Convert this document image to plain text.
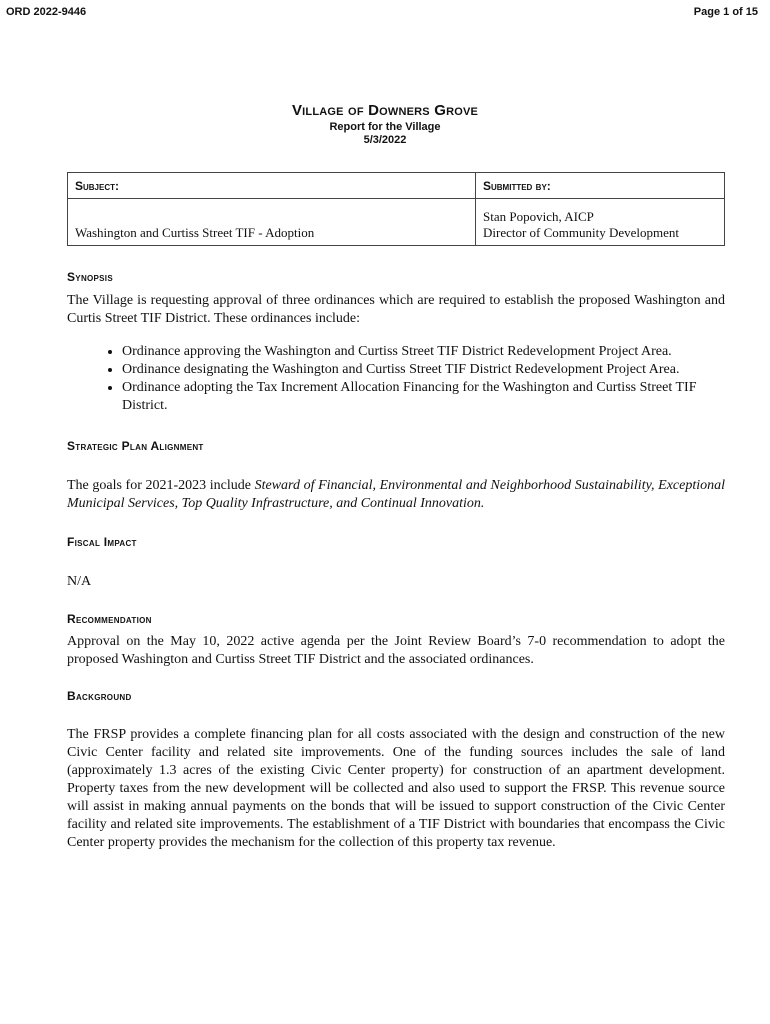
ORD 2022-9446	Page 1 of 15
Village of Downers Grove
Report for the Village
5/3/2022
Subject:	Submitted by:
Washington and Curtiss Street TIF - Adoption	Stan Popovich, AICP
Director of Community Development
Synopsis

The Village is requesting approval of three ordinances which are required to establish the proposed Washington and Curtis Street TIF District. These ordinances include:

• Ordinance approving the Washington and Curtiss Street TIF District Redevelopment Project Area.
• Ordinance designating the Washington and Curtiss Street TIF District Redevelopment Project Area.
• Ordinance adopting the Tax Increment Allocation Financing for the Washington and Curtiss Street TIF District.
Strategic Plan Alignment

The goals for 2021-2023 include Steward of Financial, Environmental and Neighborhood Sustainability, Exceptional Municipal Services, Top Quality Infrastructure, and Continual Innovation.

Fiscal Impact

N/A

Recommendation

Approval on the May 10, 2022 active agenda per the Joint Review Board’s 7-0 recommendation to adopt the proposed Washington and Curtiss Street TIF District and the associated ordinances.

Background

The FRSP provides a complete financing plan for all costs associated with the design and construction of the new Civic Center facility and related site improvements. One of the funding sources includes the sale of land (approximately 1.3 acres of the existing Civic Center property) for construction of an apartment development. Property taxes from the new development will be collected and also used to support the FRSP. This revenue source will assist in making annual payments on the bonds that will be issued to support construction of the Civic Center facility and related site improvements. The establishment of a TIF District with boundaries that encompass the Civic Center property provides the mechanism for the collection of this property tax revenue.
